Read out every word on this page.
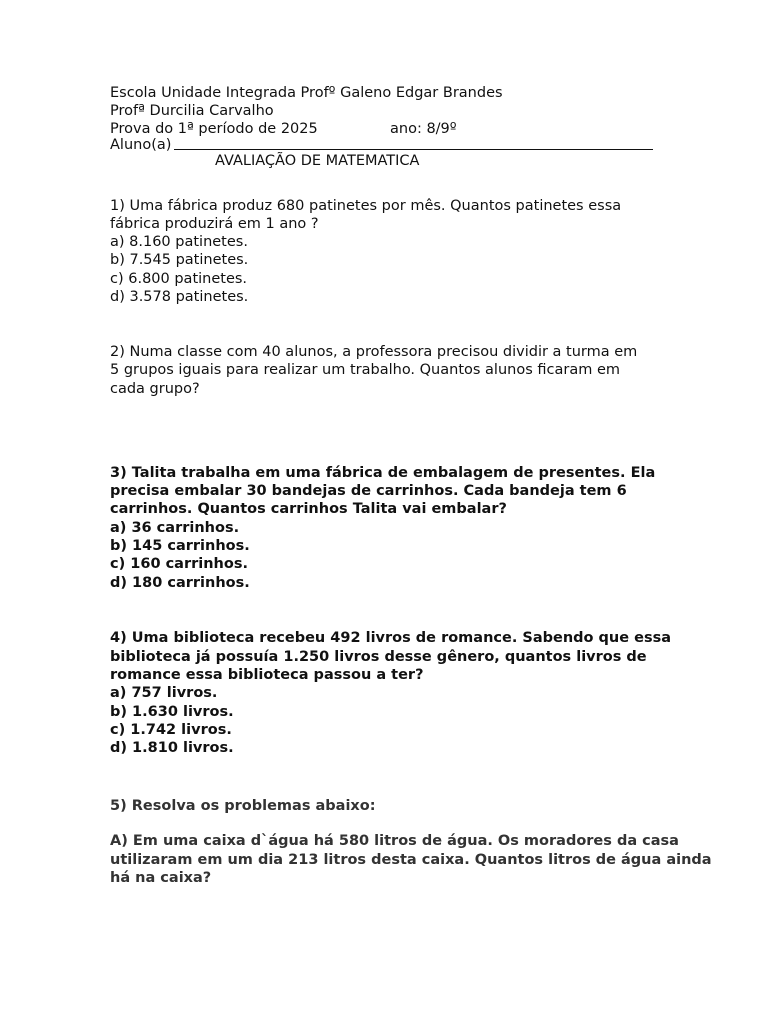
Escola Unidade Integrada Profº Galeno Edgar Brandes

Profª Durcilia Carvalho

Prova do 1ª período de 2025	ano: 8/9º

Aluno(a)

AVALIAÇÃO DE MATEMATICA

1) Uma fábrica produz 680 patinetes por mês. Quantos patinetes essa

fábrica produzirá em 1 ano ?

a) 8.160 patinetes.

b) 7.545 patinetes.

c) 6.800 patinetes.

d) 3.578 patinetes.

2) Numa classe com 40 alunos, a professora precisou dividir a turma em

5 grupos iguais para realizar um trabalho. Quantos alunos ficaram em

cada grupo?

3) Talita trabalha em uma fábrica de embalagem de presentes. Ela

precisa embalar 30 bandejas de carrinhos. Cada bandeja tem 6

carrinhos. Quantos carrinhos Talita vai embalar?

a) 36 carrinhos.

b) 145 carrinhos.

c) 160 carrinhos.

d) 180 carrinhos.

4) Uma biblioteca recebeu 492 livros de romance. Sabendo que essa

biblioteca já possuía 1.250 livros desse gênero, quantos livros de

romance essa biblioteca passou a ter?

a) 757 livros.

b) 1.630 livros.

c) 1.742 livros.

d) 1.810 livros.

5) Resolva os problemas abaixo:

A) Em uma caixa d`água há 580 litros de água. Os moradores da casa

utilizaram em um dia 213 litros desta caixa. Quantos litros de água ainda

há na caixa?
